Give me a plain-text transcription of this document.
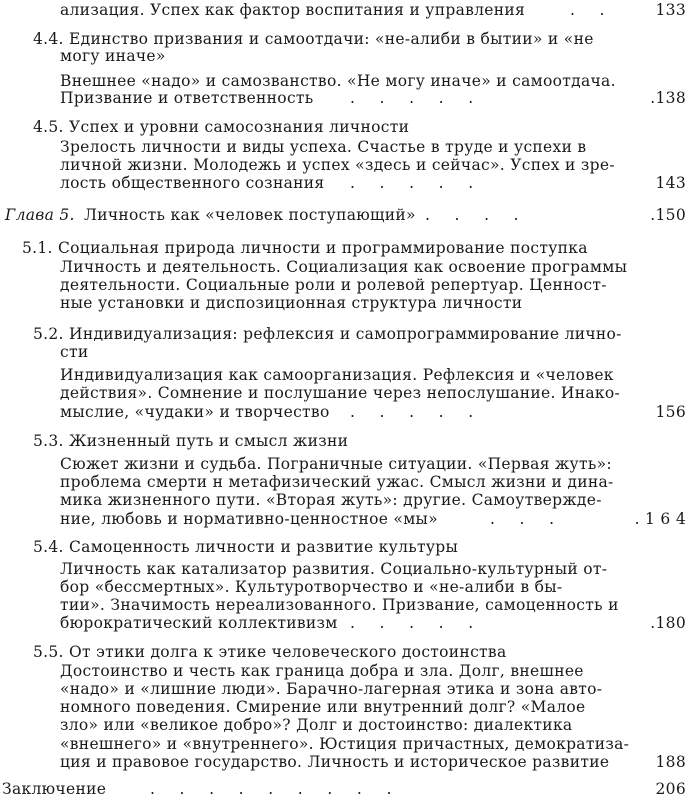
ализация. Успех как фактор воспитания и управления	.     .	133
4.4. Единство призвания и самоотдачи: «не-алиби в бытии» и «не
могу иначе»
Внешнее «надо» и самозванство. «Не могу иначе» и самоотдача.
Призвание и ответственность .     .     .     .     .	.138
4.5. Успех и уровни самосознания личности
Зрелость личности и виды успеха. Счастье в труде и успехи в
личной жизни. Молодежь и успех «здесь и сейчас». Успех и зре-
лость общественного сознания .     .     .     .     .	143
Глава 5. Личность как «человек поступающий» .     .     .     .	.150
5.1. Социальная природа личности и программирование поступка
Личность и деятельность. Социализация как освоение программы
деятельности. Социальные роли и ролевой репертуар. Ценност-
ные установки и диспозиционная структура личности
5.2. Индивидуализация: рефлексия и самопрограммирование лично-
сти
Индивидуализация как самоорганизация. Рефлексия и «человек
действия». Сомнение и послушание через непослушание. Инако-
мыслие, «чудаки» и творчество .     .     .     .     .	156
5.3. Жизненный путь и смысл жизни
Сюжет жизни и судьба. Пограничные ситуации. «Первая жуть»:
проблема смерти н метафизический ужас. Смысл жизни и дина-
мика жизненного пути. «Вторая жуть»: другие. Самоутвержде-
ние, любовь и нормативно-ценностное «мы»	.     .     .	. 1 6 4
5.4. Самоценность личности и развитие культуры
Личность как катализатор развития. Социально-культурный от-
бор «бессмертных». Культуротворчество и «не-алиби в бы-
тии». Значимость нереализованного. Призвание, самоценность и
бюрократический коллективизм .     .     .     .     .	.180
5.5. От этики долга к этике человеческого достоинства
Достоинство и честь как граница добра и зла. Долг, внешнее
«надо» и «лишние люди». Барачно-лагерная этика и зона авто-
номного поведения. Смирение или внутренний долг? «Малое
зло» или «великое добро»? Долг и достоинство: диалектика
«внешнего» и «внутреннего». Юстиция причастных, демократиза-
ция и правовое государство. Личность и историческое развитие	188
Заключение	.     .     .     .     .     .     .     .     .	206
